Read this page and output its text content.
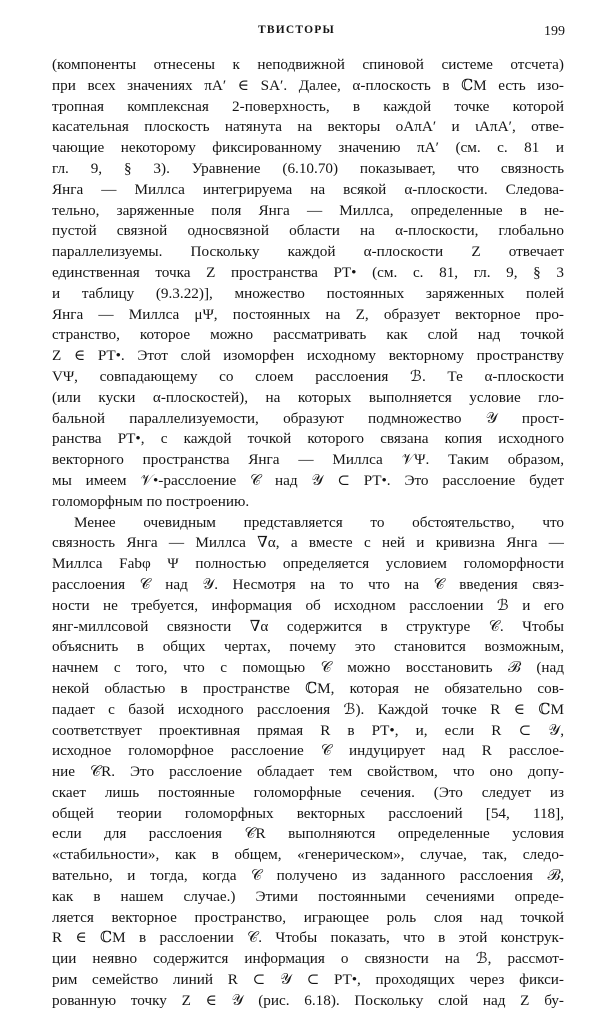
ТВИСТОРЫ	199
(компоненты отнесены к неподвижной спиновой системе отсчета)
при всех значениях πA′ ∈ SA′. Далее, α-плоскость в ℂM есть изо-
тропная комплексная 2-поверхность, в каждой точке которой
касательная плоскость натянута на векторы oAπA′ и ιAπA′, отве-
чающие некоторому фиксированному значению πA′ (см. с. 81 и
гл. 9, § 3). Уравнение (6.10.70) показывает, что связность
Янга — Миллса интегрируема на всякой α-плоскости. Следова-
тельно, заряженные поля Янга — Миллса, определенные в не-
пустой связной односвязной области на α-плоскости, глобально
параллелизуемы. Поскольку каждой α-плоскости Z отвечает
единственная точка Z пространства PT• (см. с. 81, гл. 9, § 3
и таблицу (9.3.22)], множество постоянных заряженных полей
Янга — Миллса μΨ, постоянных на Z, образует векторное про-
странство, которое можно рассматривать как слой над точкой
Z ∈ PT•. Этот слой изоморфен исходному векторному пространству
VΨ, совпадающему со слоем расслоения ℬ. Те α-плоскости
(или куски α-плоскостей), на которых выполняется условие гло-
бальной параллелизуемости, образуют подмножество 𝒴 прост-
ранства PT•, с каждой точкой которого связана копия исходного
векторного пространства Янга — Миллса 𝒱Ψ. Таким образом,
мы имеем 𝒱•-расслоение 𝒞 над 𝒴 ⊂ PT•. Это расслоение будет
голоморфным по построению.
Менее очевидным представляется то обстоятельство, что
связность Янга — Миллса ∇α, а вместе с ней и кривизна Янга —
Миллса Fabφ Ψ полностью определяется условием голоморфности
расслоения 𝒞 над 𝒴. Несмотря на то что на 𝒞 введения связ-
ности не требуется, информация об исходном расслоении ℬ и его
янг-миллсовой связности ∇α содержится в структуре 𝒞. Чтобы
объяснить в общих чертах, почему это становится возможным,
начнем с того, что с помощью 𝒞 можно восстановить ℬ (над
некой областью в пространстве ℂM, которая не обязательно сов-
падает с базой исходного расслоения ℬ). Каждой точке R ∈ ℂM
соответствует проективная прямая R в PT•, и, если R ⊂ 𝒴,
исходное голоморфное расслоение 𝒞 индуцирует над R расслое-
ние 𝒞R. Это расслоение обладает тем свойством, что оно допу-
скает лишь постоянные голоморфные сечения. (Это следует из
общей теории голоморфных векторных расслоений [54, 118],
если для расслоения 𝒞R выполняются определенные условия
«стабильности», как в общем, «генерическом», случае, так, следо-
вательно, и тогда, когда 𝒞 получено из заданного расслоения ℬ,
как в нашем случае.) Этими постоянными сечениями опреде-
ляется векторное пространство, играющее роль слоя над точкой
R ∈ ℂM в расслоении 𝒞. Чтобы показать, что в этой конструк-
ции неявно содержится информация о связности на ℬ, рассмот-
рим семейство линий R ⊂ 𝒴 ⊂ PT•, проходящих через фикси-
рованную точку Z ∈ 𝒴 (рис. 6.18). Поскольку слой над Z бу-
